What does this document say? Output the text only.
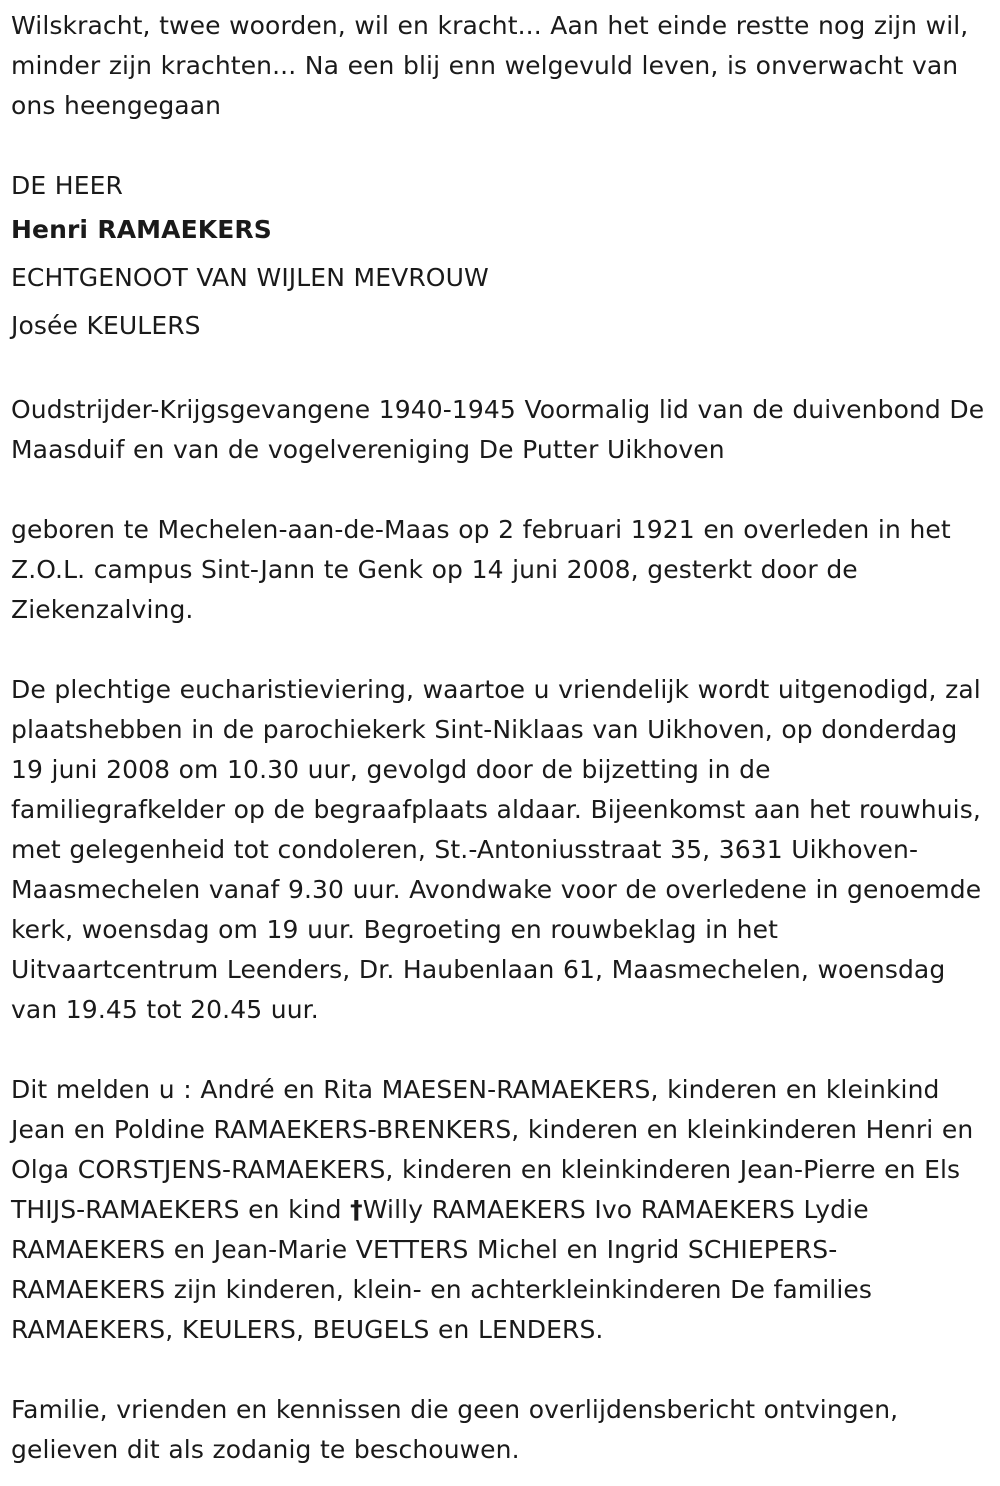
Wilskracht, twee woorden, wil en kracht... Aan het einde restte nog zijn wil, minder zijn krachten... Na een blij enn welgevuld leven, is onverwacht van ons heengegaan

DE HEER

Henri RAMAEKERS

ECHTGENOOT VAN WIJLEN MEVROUW

Josée KEULERS

Oudstrijder-Krijgsgevangene 1940-1945 Voormalig lid van de duivenbond De Maasduif en van de vogelvereniging De Putter Uikhoven

geboren te Mechelen-aan-de-Maas op 2 februari 1921 en overleden in het Z.O.L. campus Sint-Jann te Genk op 14 juni 2008, gesterkt door de Ziekenzalving.

De plechtige eucharistieviering, waartoe u vriendelijk wordt uitgenodigd, zal plaatshebben in de parochiekerk Sint-Niklaas van Uikhoven, op donderdag 19 juni 2008 om 10.30 uur, gevolgd door de bijzetting in de familiegrafkelder op de begraafplaats aldaar. Bijeenkomst aan het rouwhuis, met gelegenheid tot condoleren, St.-Antoniusstraat 35, 3631 Uikhoven-Maasmechelen vanaf 9.30 uur. Avondwake voor de overledene in genoemde kerk, woensdag om 19 uur. Begroeting en rouwbeklag in het Uitvaartcentrum Leenders, Dr. Haubenlaan 61, Maasmechelen, woensdag van 19.45 tot 20.45 uur.

Dit melden u : André en Rita MAESEN-RAMAEKERS, kinderen en kleinkind Jean en Poldine RAMAEKERS-BRENKERS, kinderen en kleinkinderen Henri en Olga CORSTJENS-RAMAEKERS, kinderen en kleinkinderen Jean-Pierre en Els THIJS-RAMAEKERS en kind †Willy RAMAEKERS Ivo RAMAEKERS Lydie RAMAEKERS en Jean-Marie VETTERS Michel en Ingrid SCHIEPERS-RAMAEKERS zijn kinderen, klein- en achterkleinkinderen De families RAMAEKERS, KEULERS, BEUGELS en LENDERS.

Familie, vrienden en kennissen die geen overlijdensbericht ontvingen, gelieven dit als zodanig te beschouwen.
